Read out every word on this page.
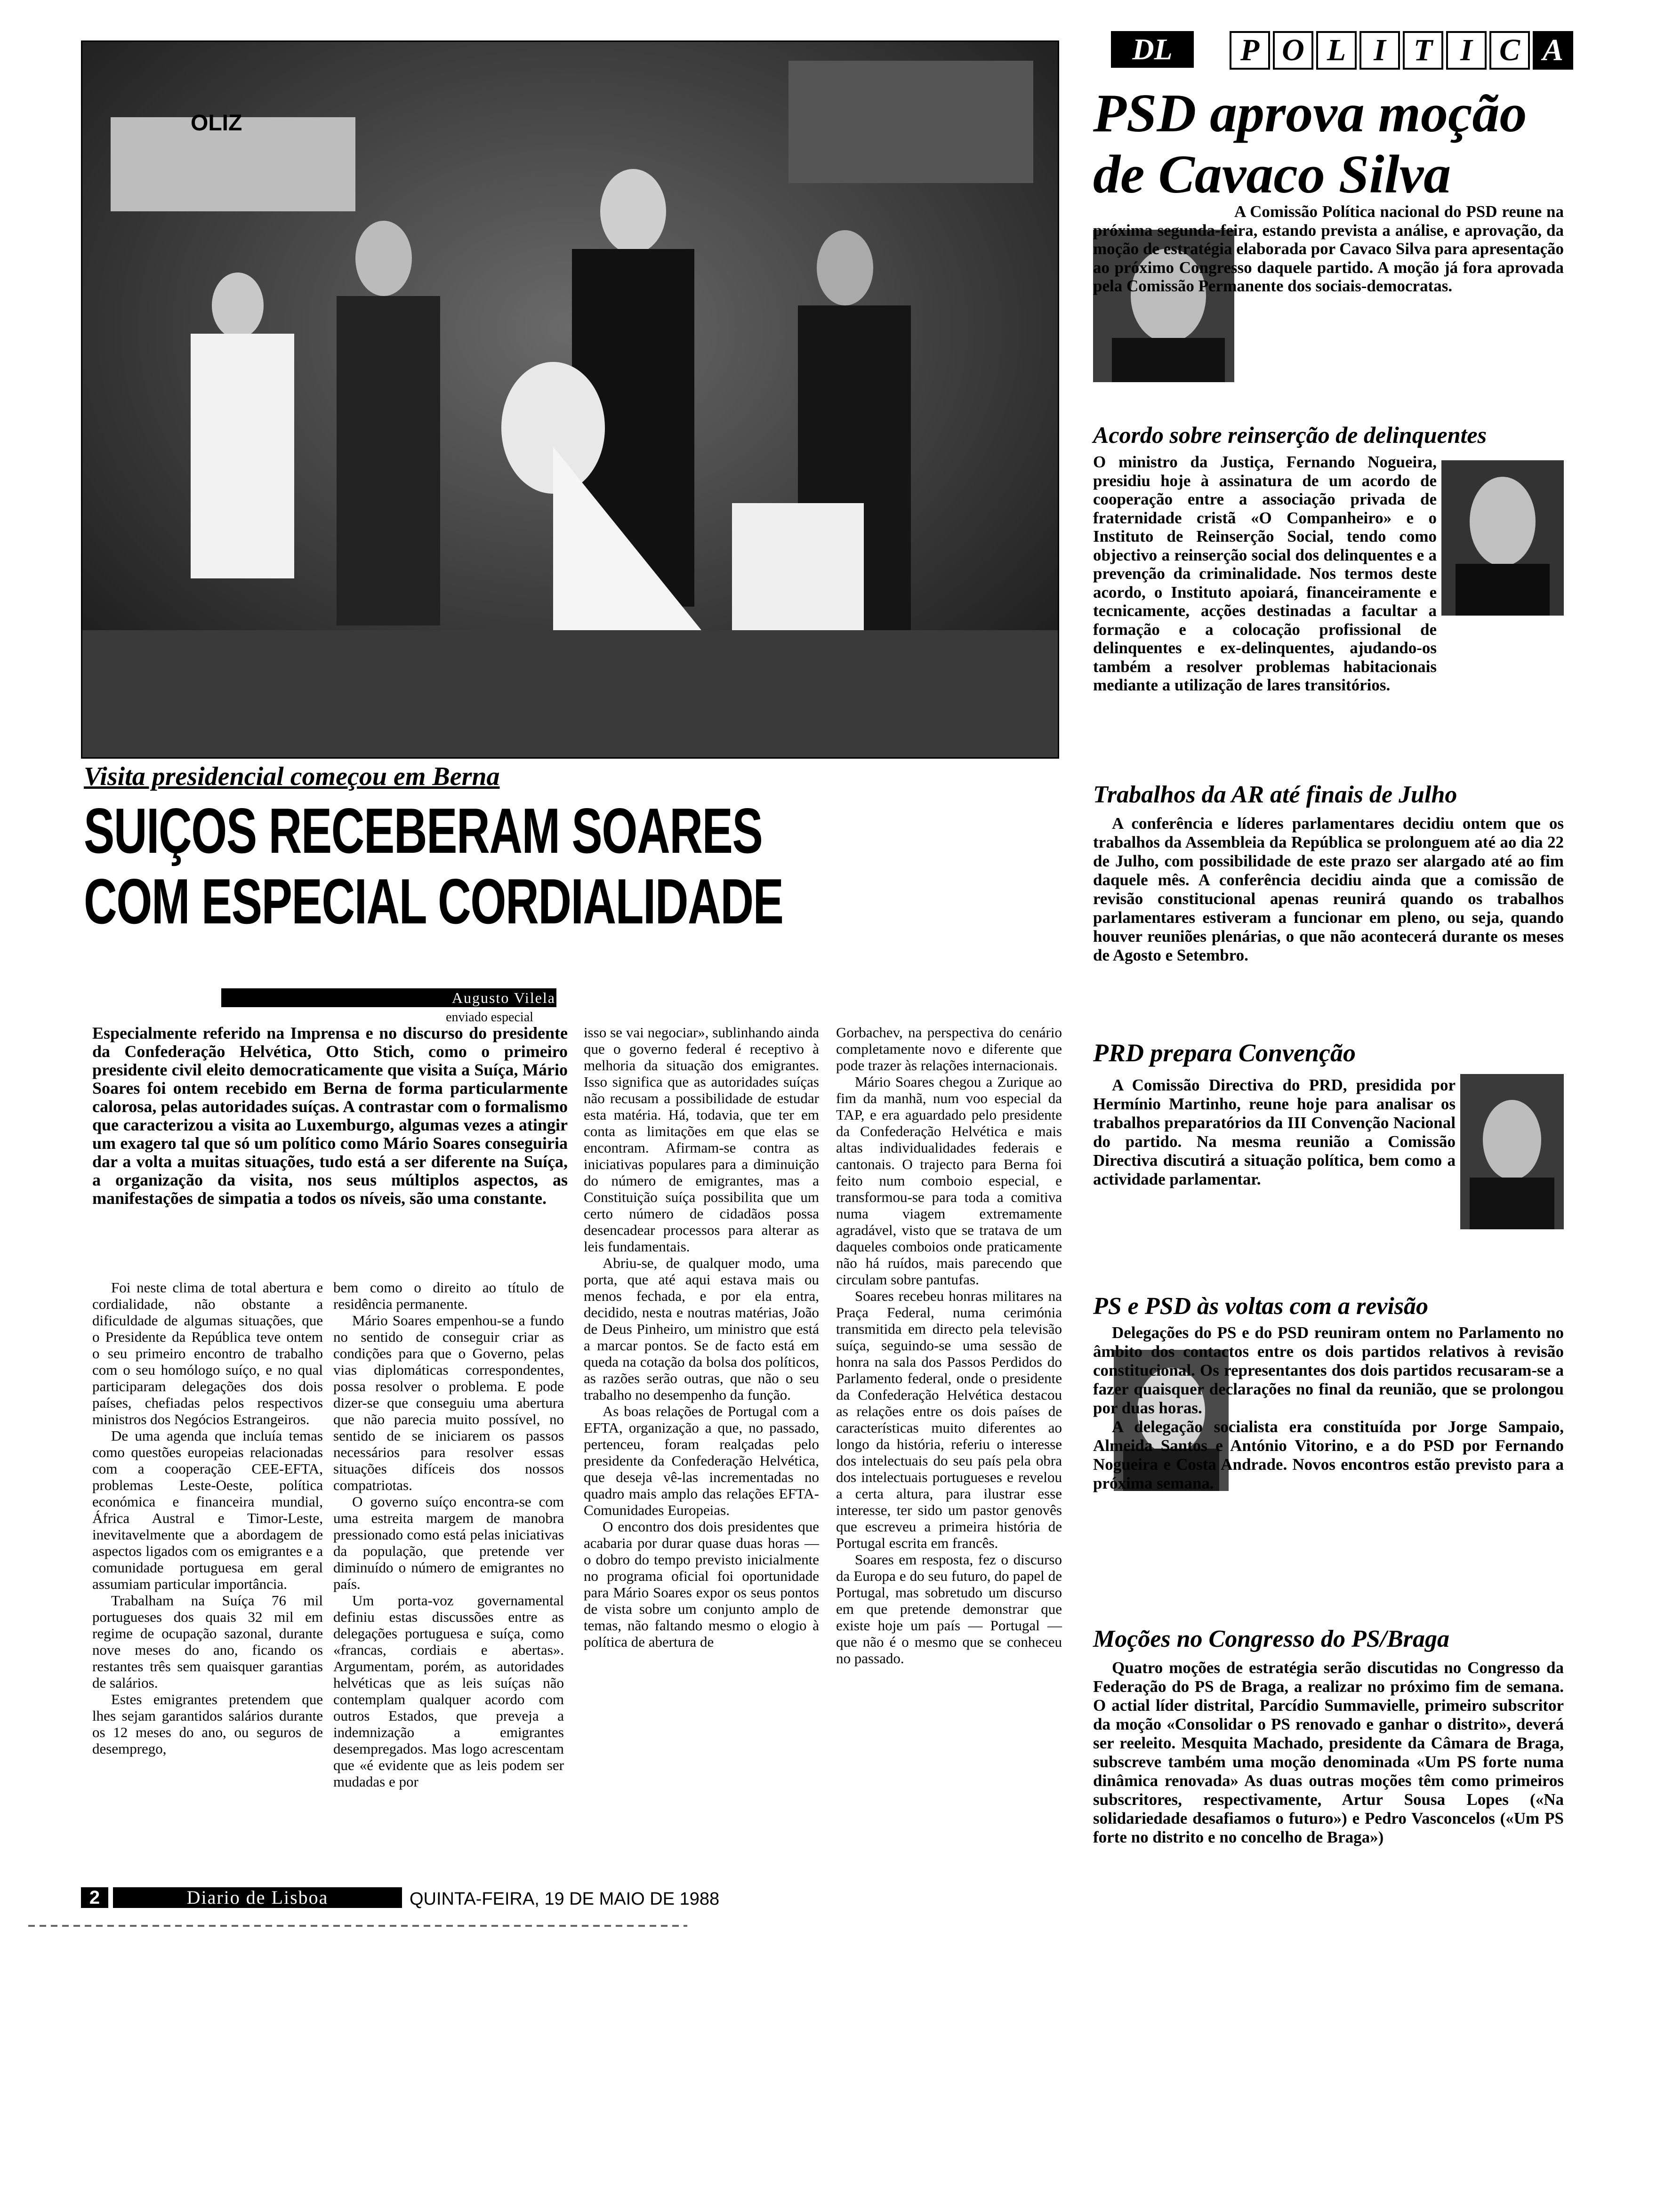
OLIZ
Visita presidencial começou em Berna
SUIÇOS RECEBERAM SOARES
COM ESPECIAL CORDIALIDADE
Augusto Vilela
enviado especial
Especialmente referido na Imprensa e no discurso do presidente da Confederação Helvética, Otto Stich, como o primeiro presidente civil eleito democraticamente que visita a Suíça, Mário Soares foi ontem recebido em Berna de forma particularmente calorosa, pelas autoridades suíças. A contrastar com o formalismo que caracterizou a visita ao Luxemburgo, algumas vezes a atingir um exagero tal que só um político como Mário Soares conseguiria dar a volta a muitas situações, tudo está a ser diferente na Suíça, a organização da visita, nos seus múltiplos aspectos, as manifestações de simpatia a todos os níveis, são uma constante.

Foi neste clima de total abertura e cordialidade, não obstante a dificuldade de algumas situações, que o Presidente da República teve ontem o seu primeiro encontro de trabalho com o seu homólogo suíço, e no qual participaram delegações dos dois países, chefiadas pelos respectivos ministros dos Negócios Estrangeiros.

De uma agenda que incluía temas como questões europeias relacionadas com a cooperação CEE-EFTA, problemas Leste-Oeste, política económica e financeira mundial, África Austral e Timor-Leste, inevitavelmente que a abordagem de aspectos ligados com os emigrantes e a comunidade portuguesa em geral assumiam particular importância.

Trabalham na Suíça 76 mil portugueses dos quais 32 mil em regime de ocupação sazonal, durante nove meses do ano, ficando os restantes três sem quaisquer garantias de salários.

Estes emigrantes pretendem que lhes sejam garantidos salários durante os 12 meses do ano, ou seguros de desemprego,

bem como o direito ao título de residência permanente.

Mário Soares empenhou-se a fundo no sentido de conseguir criar as condições para que o Governo, pelas vias diplomáticas correspondentes, possa resolver o problema. E pode dizer-se que conseguiu uma abertura que não parecia muito possível, no sentido de se iniciarem os passos necessários para resolver essas situações difíceis dos nossos compatriotas.

O governo suíço encontra-se com uma estreita margem de manobra pressionado como está pelas iniciativas da população, que pretende ver diminuído o número de emigrantes no país.

Um porta-voz governamental definiu estas discussões entre as delegações portuguesa e suíça, como «francas, cordiais e abertas». Argumentam, porém, as autoridades helvéticas que as leis suíças não contemplam qualquer acordo com outros Estados, que preveja a indemnização a emigrantes desempregados. Mas logo acrescentam que «é evidente que as leis podem ser mudadas e por

isso se vai negociar», sublinhando ainda que o governo federal é receptivo à melhoria da situação dos emigrantes. Isso significa que as autoridades suíças não recusam a possibilidade de estudar esta matéria. Há, todavia, que ter em conta as limitações em que elas se encontram. Afirmam-se contra as iniciativas populares para a diminuição do número de emigrantes, mas a Constituição suíça possibilita que um certo número de cidadãos possa desencadear processos para alterar as leis fundamentais.

Abriu-se, de qualquer modo, uma porta, que até aqui estava mais ou menos fechada, e por ela entra, decidido, nesta e noutras matérias, João de Deus Pinheiro, um ministro que está a marcar pontos. Se de facto está em queda na cotação da bolsa dos políticos, as razões serão outras, que não o seu trabalho no desempenho da função.

As boas relações de Portugal com a EFTA, organização a que, no passado, pertenceu, foram realçadas pelo presidente da Confederação Helvética, que deseja vê-las incrementadas no quadro mais amplo das relações EFTA-Comunidades Europeias.

O encontro dos dois presidentes que acabaria por durar quase duas horas — o dobro do tempo previsto inicialmente no programa oficial foi oportunidade para Mário Soares expor os seus pontos de vista sobre um conjunto amplo de temas, não faltando mesmo o elogio à política de abertura de

Gorbachev, na perspectiva do cenário completamente novo e diferente que pode trazer às relações internacionais.

Mário Soares chegou a Zurique ao fim da manhã, num voo especial da TAP, e era aguardado pelo presidente da Confederação Helvética e mais altas individualidades federais e cantonais. O trajecto para Berna foi feito num comboio especial, e transformou-se para toda a comitiva numa viagem extremamente agradável, visto que se tratava de um daqueles comboios onde praticamente não há ruídos, mais parecendo que circulam sobre pantufas.

Soares recebeu honras militares na Praça Federal, numa cerimónia transmitida em directo pela televisão suíça, seguindo-se uma sessão de honra na sala dos Passos Perdidos do Parlamento federal, onde o presidente da Confederação Helvética destacou as relações entre os dois países de características muito diferentes ao longo da história, referiu o interesse dos intelectuais do seu país pela obra dos intelectuais portugueses e revelou a certa altura, para ilustrar esse interesse, ter sido um pastor genovês que escreveu a primeira história de Portugal escrita em francês.

Soares em resposta, fez o discurso da Europa e do seu futuro, do papel de Portugal, mas sobretudo um discurso em que pretende demonstrar que existe hoje um país — Portugal — que não é o mesmo que se conheceu no passado.

DL	P O L I T I C A
PSD aprova moção
de Cavaco Silva
A Comissão Política nacional do PSD reune na próxima segunda-feira, estando prevista a análise, e aprovação, da moção de estratégia elaborada por Cavaco Silva para apresentação ao próximo Congresso daquele partido. A moção já fora aprovada pela Comissão Permanente dos sociais-democratas.
Acordo sobre reinserção de delinquentes
O ministro da Justiça, Fernando Nogueira, presidiu hoje à assinatura de um acordo de cooperação entre a associação privada de fraternidade cristã «O Companheiro» e o Instituto de Reinserção Social, tendo como objectivo a reinserção social dos delinquentes e a prevenção da criminalidade. Nos termos deste acordo, o Instituto apoiará, financeiramente e tecnicamente, acções destinadas a facultar a formação e a colocação profissional de delinquentes e ex-delinquentes, ajudando-os também a resolver problemas habitacionais mediante a utilização de lares transitórios.
Trabalhos da AR até finais de Julho
A conferência e líderes parlamentares decidiu ontem que os trabalhos da Assembleia da República se prolonguem até ao dia 22 de Julho, com possibilidade de este prazo ser alargado até ao fim daquele mês. A conferência decidiu ainda que a comissão de revisão constitucional apenas reunirá quando os trabalhos parlamentares estiveram a funcionar em pleno, ou seja, quando houver reuniões plenárias, o que não acontecerá durante os meses de Agosto e Setembro.
PRD prepara Convenção
A Comissão Directiva do PRD, presidida por Hermínio Martinho, reune hoje para analisar os trabalhos preparatórios da III Convenção Nacional do partido. Na mesma reunião a Comissão Directiva discutirá a situação política, bem como a actividade parlamentar.
PS e PSD às voltas com a revisão

Delegações do PS e do PSD reuniram ontem no Parlamento no âmbito dos contactos entre os dois partidos relativos à revisão constitucional. Os representantes dos dois partidos recusaram-se a fazer quaisquer declarações no final da reunião, que se prolongou por duas horas.

A delegação socialista era constituída por Jorge Sampaio, Almeida Santos e António Vitorino, e a do PSD por Fernando Nogueira e Costa Andrade. Novos encontros estão previsto para a próxima semana.

Moções no Congresso do PS/Braga
Quatro moções de estratégia serão discutidas no Congresso da Federação do PS de Braga, a realizar no próximo fim de semana. O actial líder distrital, Parcídio Summavielle, primeiro subscritor da moção «Consolidar o PS renovado e ganhar o distrito», deverá ser reeleito. Mesquita Machado, presidente da Câmara de Braga, subscreve também uma moção denominada «Um PS forte numa dinâmica renovada» As duas outras moções têm como primeiros subscritores, respectivamente, Artur Sousa Lopes («Na solidariedade desafiamos o futuro») e Pedro Vasconcelos («Um PS forte no distrito e no concelho de Braga»)
2	Diario de Lisboa	QUINTA-FEIRA, 19 DE MAIO DE 1988
